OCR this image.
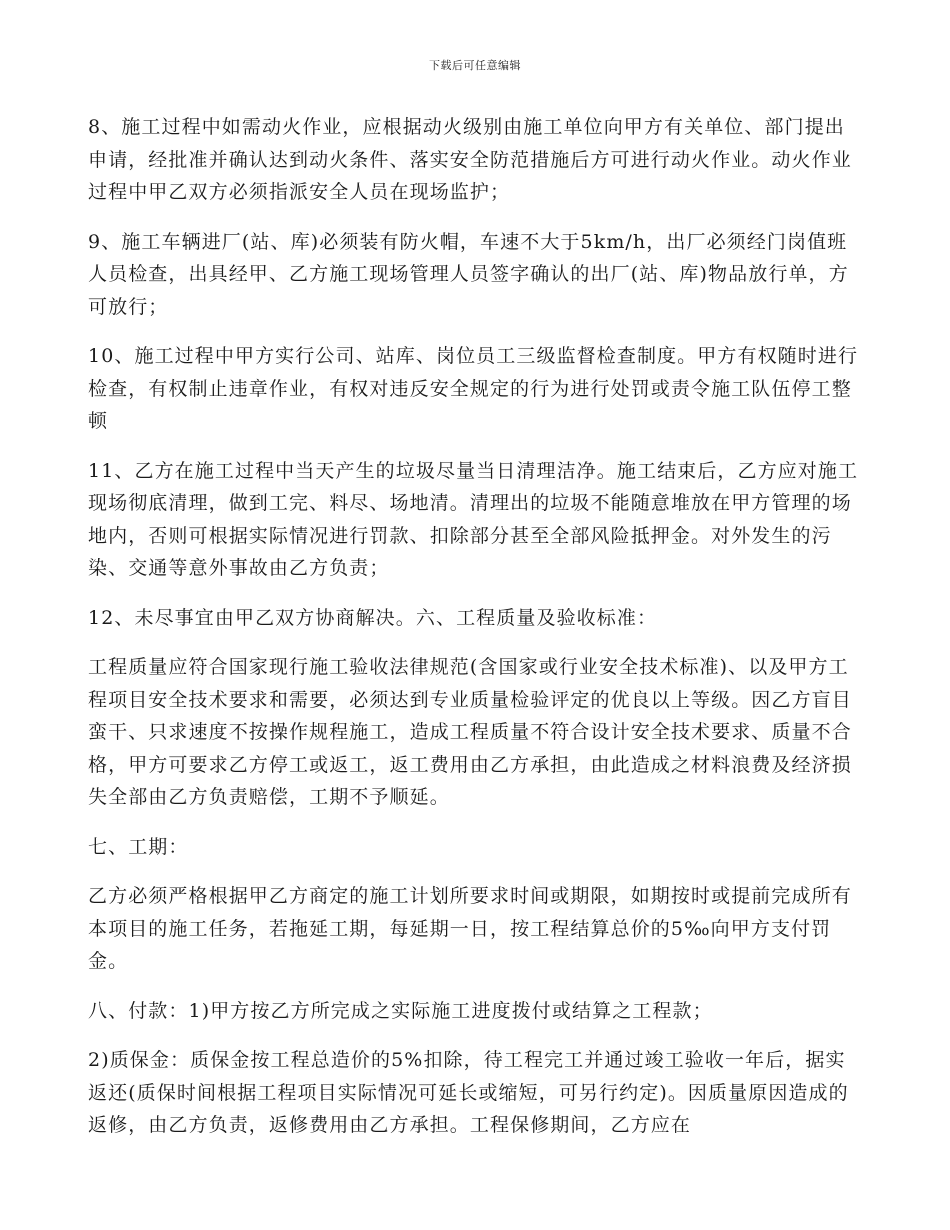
下载后可任意编辑

8、施工过程中如需动火作业，应根据动火级别由施工单位向甲方有关单位、部门提出申请，经批准并确认达到动火条件、落实安全防范措施后方可进行动火作业。动火作业过程中甲乙双方必须指派安全人员在现场监护；

9、施工车辆进厂(站、库)必须装有防火帽，车速不大于5km/h，出厂必须经门岗值班人员检查，出具经甲、乙方施工现场管理人员签字确认的出厂(站、库)物品放行单，方可放行；

10、施工过程中甲方实行公司、站库、岗位员工三级监督检查制度。甲方有权随时进行检查，有权制止违章作业，有权对违反安全规定的行为进行处罚或责令施工队伍停工整顿

11、乙方在施工过程中当天产生的垃圾尽量当日清理洁净。施工结束后，乙方应对施工现场彻底清理，做到工完、料尽、场地清。清理出的垃圾不能随意堆放在甲方管理的场地内，否则可根据实际情况进行罚款、扣除部分甚至全部风险抵押金。对外发生的污染、交通等意外事故由乙方负责；

12、未尽事宜由甲乙双方协商解决。六、工程质量及验收标准：

工程质量应符合国家现行施工验收法律规范(含国家或行业安全技术标准)、以及甲方工程项目安全技术要求和需要，必须达到专业质量检验评定的优良以上等级。因乙方盲目蛮干、只求速度不按操作规程施工，造成工程质量不符合设计安全技术要求、质量不合格，甲方可要求乙方停工或返工，返工费用由乙方承担，由此造成之材料浪费及经济损失全部由乙方负责赔偿，工期不予顺延。

七、工期：

乙方必须严格根据甲乙方商定的施工计划所要求时间或期限，如期按时或提前完成所有本项目的施工任务，若拖延工期，每延期一日，按工程结算总价的5‰向甲方支付罚金。

八、付款：1)甲方按乙方所完成之实际施工进度拨付或结算之工程款；

2)质保金：质保金按工程总造价的5%扣除，待工程完工并通过竣工验收一年后，据实返还(质保时间根据工程项目实际情况可延长或缩短，可另行约定)。因质量原因造成的返修，由乙方负责，返修费用由乙方承担。工程保修期间，乙方应在
